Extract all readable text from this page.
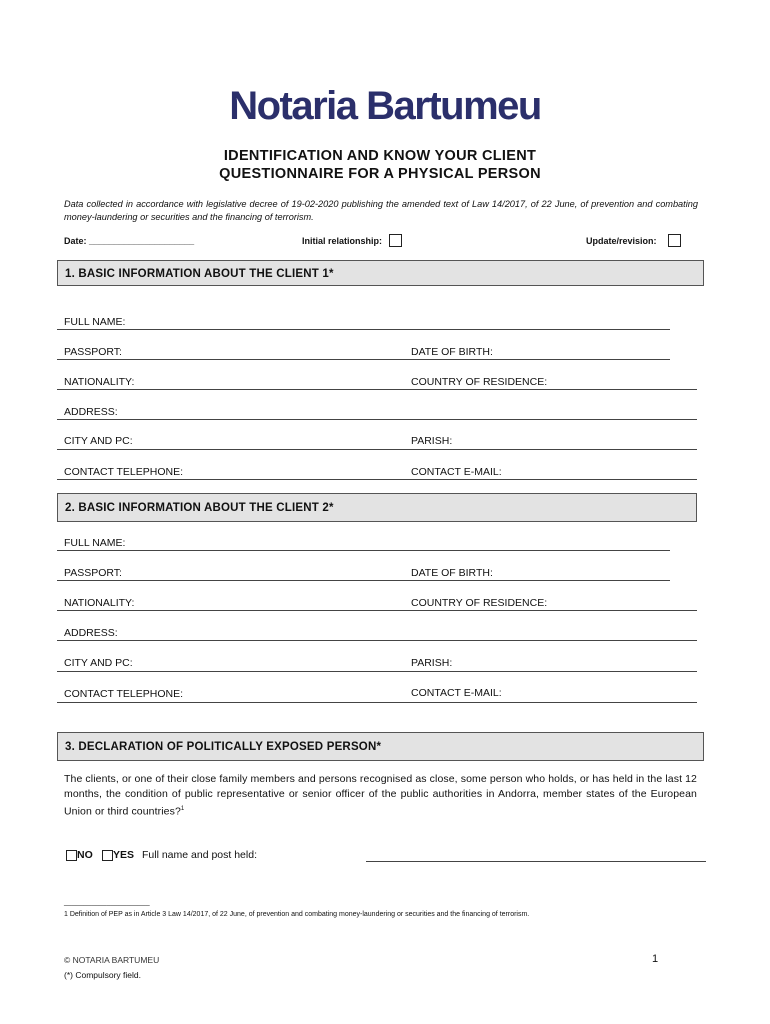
Notaria Bartumeu
IDENTIFICATION AND KNOW YOUR CLIENT
QUESTIONNAIRE FOR A PHYSICAL PERSON
Data collected in accordance with legislative decree of 19-02-2020 publishing the amended text of Law 14/2017, of 22 June, of prevention and combating money-laundering or securities and the financing of terrorism.
Date: _____________________	Initial relationship:	Update/revision:
1. BASIC INFORMATION ABOUT THE CLIENT 1*
FULL NAME:
PASSPORT:	DATE OF BIRTH:
NATIONALITY:	COUNTRY OF RESIDENCE:
ADDRESS:
CITY AND PC:	PARISH:
CONTACT TELEPHONE:	CONTACT E-MAIL:
2. BASIC INFORMATION ABOUT THE CLIENT 2*
FULL NAME:
PASSPORT:	DATE OF BIRTH:
NATIONALITY:	COUNTRY OF RESIDENCE:
ADDRESS:
CITY AND PC:	PARISH:
CONTACT TELEPHONE:	CONTACT E-MAIL:
3. DECLARATION OF POLITICALLY EXPOSED PERSON*
The clients, or one of their close family members and persons recognised as close, some person who holds, or has held in the last 12 months, the condition of public representative or senior officer of the public authorities in Andorra, member states of the European Union or third countries?$^1$
NO YES Full name and post held:
______________________
1 Definition of PEP as in Article 3 Law 14/2017, of 22 June, of prevention and combating money-laundering or securities and the financing of terrorism.
© NOTARIA BARTUMEU	1
(*) Compulsory field.
